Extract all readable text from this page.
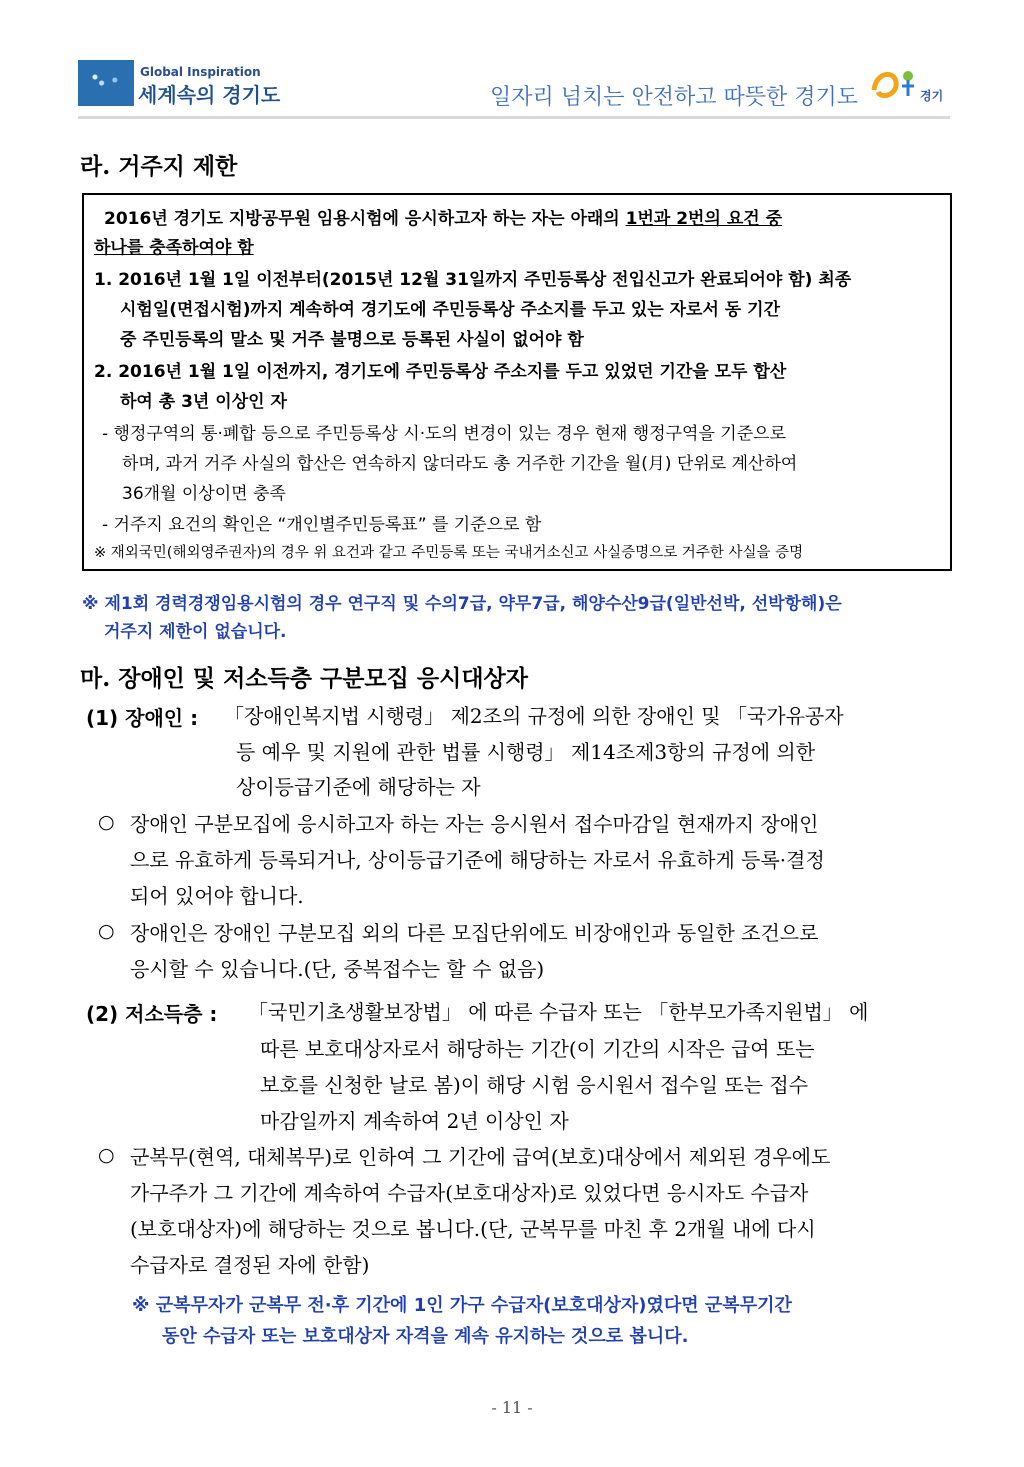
Global Inspiration
세계속의 경기도	일자리 넘치는 안전하고 따뜻한 경기도	경기
라. 거주지 제한
2016년 경기도 지방공무원 임용시험에 응시하고자 하는 자는 아래의 1번과 2번의 요건 중
하나를 충족하여야 함
1. 2016년 1월 1일 이전부터(2015년 12월 31일까지 주민등록상 전입신고가 완료되어야 함) 최종
시험일(면접시험)까지 계속하여 경기도에 주민등록상 주소지를 두고 있는 자로서 동 기간
중 주민등록의 말소 및 거주 불명으로 등록된 사실이 없어야 함
2. 2016년 1월 1일 이전까지, 경기도에 주민등록상 주소지를 두고 있었던 기간을 모두 합산
하여 총 3년 이상인 자
- 행정구역의 통·폐합 등으로 주민등록상 시·도의 변경이 있는 경우 현재 행정구역을 기준으로
하며, 과거 거주 사실의 합산은 연속하지 않더라도 총 거주한 기간을 월(月) 단위로 계산하여
36개월 이상이면 충족
- 거주지 요건의 확인은 “개인별주민등록표” 를 기준으로 함
※ 재외국민(해외영주권자)의 경우 위 요건과 같고 주민등록 또는 국내거소신고 사실증명으로 거주한 사실을 증명
※ 제1회 경력경쟁임용시험의 경우 연구직 및 수의7급, 약무7급, 해양수산9급(일반선박, 선박항해)은
거주지 제한이 없습니다.
마. 장애인 및 저소득층 구분모집 응시대상자
(1) 장애인 : 「장애인복지법 시행령」 제2조의 규정에 의한 장애인 및 「국가유공자
등 예우 및 지원에 관한 법률 시행령」 제14조제3항의 규정에 의한
상이등급기준에 해당하는 자
○ 장애인 구분모집에 응시하고자 하는 자는 응시원서 접수마감일 현재까지 장애인
으로 유효하게 등록되거나, 상이등급기준에 해당하는 자로서 유효하게 등록·결정
되어 있어야 합니다.
○ 장애인은 장애인 구분모집 외의 다른 모집단위에도 비장애인과 동일한 조건으로
응시할 수 있습니다.(단, 중복접수는 할 수 없음)
(2) 저소득층 : 「국민기초생활보장법」 에 따른 수급자 또는 「한부모가족지원법」 에
따른 보호대상자로서 해당하는 기간(이 기간의 시작은 급여 또는
보호를 신청한 날로 봄)이 해당 시험 응시원서 접수일 또는 접수
마감일까지 계속하여 2년 이상인 자
○ 군복무(현역, 대체복무)로 인하여 그 기간에 급여(보호)대상에서 제외된 경우에도
가구주가 그 기간에 계속하여 수급자(보호대상자)로 있었다면 응시자도 수급자
(보호대상자)에 해당하는 것으로 봅니다.(단, 군복무를 마친 후 2개월 내에 다시
수급자로 결정된 자에 한함)
※ 군복무자가 군복무 전·후 기간에 1인 가구 수급자(보호대상자)였다면 군복무기간
동안 수급자 또는 보호대상자 자격을 계속 유지하는 것으로 봅니다.
- 11 -
